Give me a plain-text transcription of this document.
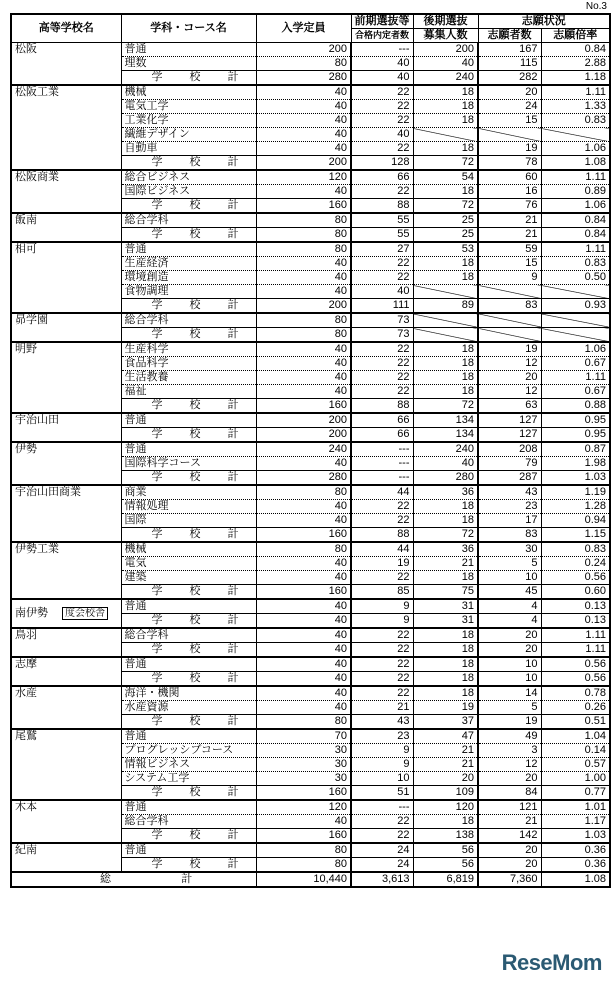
No.3
高等学校名	学科・コース名	入学定員	前期選抜等	後期選抜	志願状況	
			合格内定者数	募集人数	志願者数	志願倍率
松阪	普通	200	---	200	167	0.84
	理数	80	40	40	115	2.88
	学 校 計	280	40	240	282	1.18
松阪工業	機械	40	22	18	20	1.11
	電気工学	40	22	18	24	1.33
	工業化学	40	22	18	15	0.83
	繊維デザイン	40	40			
	自動車	40	22	18	19	1.06
	学 校 計	200	128	72	78	1.08
松阪商業	総合ビジネス	120	66	54	60	1.11
	国際ビジネス	40	22	18	16	0.89
	学 校 計	160	88	72	76	1.06
飯南	総合学科	80	55	25	21	0.84
	学 校 計	80	55	25	21	0.84
相可	普通	80	27	53	59	1.11
	生産経済	40	22	18	15	0.83
	環境創造	40	22	18	9	0.50
	食物調理	40	40			
	学 校 計	200	111	89	83	0.93
昴学園	総合学科	80	73			
	学 校 計	80	73			
明野	生産科学	40	22	18	19	1.06
	食品科学	40	22	18	12	0.67
	生活教養	40	22	18	20	1.11
	福祉	40	22	18	12	0.67
	学 校 計	160	88	72	63	0.88
宇治山田	普通	200	66	134	127	0.95
	学 校 計	200	66	134	127	0.95
伊勢	普通	240	---	240	208	0.87
	国際科学コース	40	---	40	79	1.98
	学 校 計	280	---	280	287	1.03
宇治山田商業	商業	80	44	36	43	1.19
	情報処理	40	22	18	23	1.28
	国際	40	22	18	17	0.94
	学 校 計	160	88	72	83	1.15
伊勢工業	機械	80	44	36	30	0.83
	電気	40	19	21	5	0.24
	建築	40	22	18	10	0.56
	学 校 計	160	85	75	45	0.60
南伊勢 度会校舎	普通	40	9	31	4	0.13
	学 校 計	40	9	31	4	0.13
鳥羽	総合学科	40	22	18	20	1.11
	学 校 計	40	22	18	20	1.11
志摩	普通	40	22	18	10	0.56
	学 校 計	40	22	18	10	0.56
水産	海洋・機関	40	22	18	14	0.78
	水産資源	40	21	19	5	0.26
	学 校 計	80	43	37	19	0.51
尾鷲	普通	70	23	47	49	1.04
	プログレッシブコース	30	9	21	3	0.14
	情報ビジネス	30	9	21	12	0.57
	システム工学	30	10	20	20	1.00
	学 校 計	160	51	109	84	0.77
木本	普通	120	---	120	121	1.01
	総合学科	40	22	18	21	1.17
	学 校 計	160	22	138	142	1.03
紀南	普通	80	24	56	20	0.36
	学 校 計	80	24	56	20	0.36
総	計	10,440	3,613	6,819	7,360	1.08
ReseMom
